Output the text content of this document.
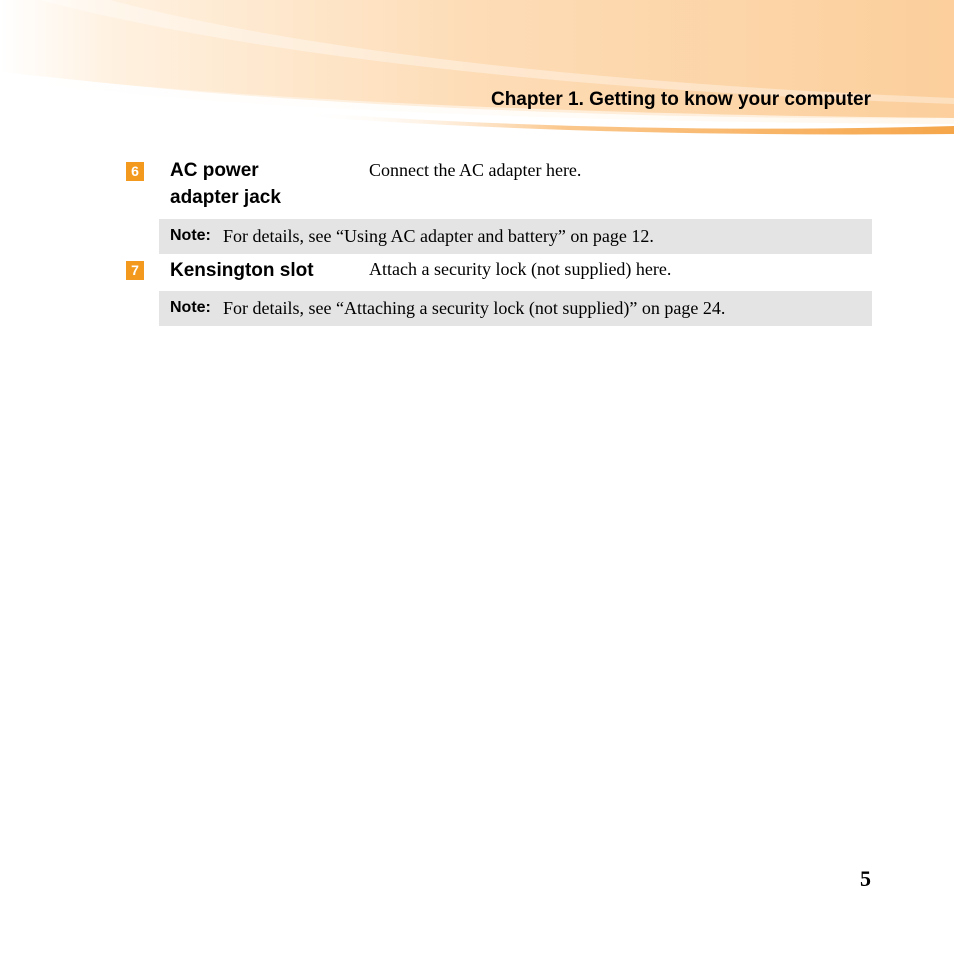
Chapter 1. Getting to know your computer
6 AC power
adapter jack
Connect the AC adapter here.
Note: For details, see “Using AC adapter and battery” on page 12.
7 Kensington slot	Attach a security lock (not supplied) here.
Note: For details, see “Attaching a security lock (not supplied)” on page 24.
5
